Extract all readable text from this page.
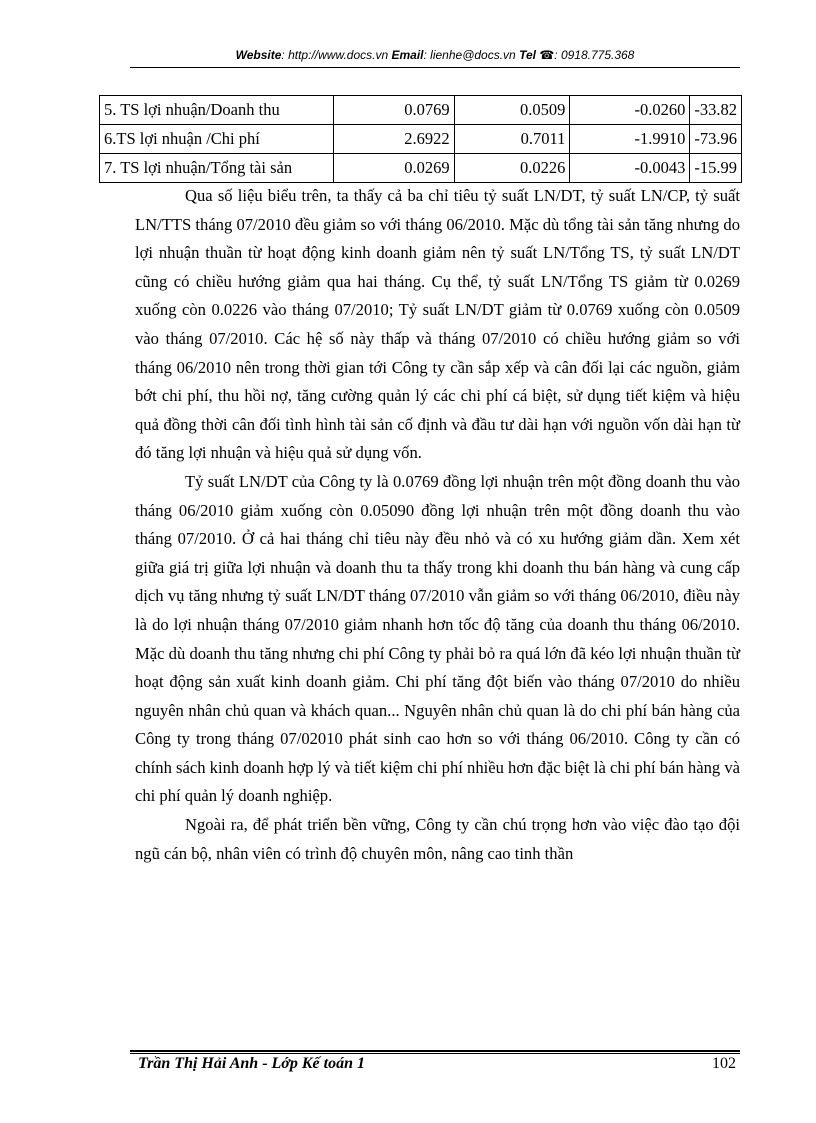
Website: http://www.docs.vn Email: lienhe@docs.vn Tel ☎: 0918.775.368
5. TS lợi nhuận/Doanh thu	0.0769	0.0509	-0.0260	-33.82
6.TS lợi nhuận /Chi phí	2.6922	0.7011	-1.9910	-73.96
7. TS lợi nhuận/Tổng tài sản	0.0269	0.0226	-0.0043	-15.99

Qua số liệu biểu trên, ta thấy cả ba chỉ tiêu tỷ suất LN/DT, tỷ suất LN/CP, tỷ suất LN/TTS tháng 07/2010 đều giảm so với tháng 06/2010. Mặc dù tổng tài sản tăng nhưng do lợi nhuận thuần từ hoạt động kinh doanh giảm nên tỷ suất LN/Tổng TS, tỷ suất LN/DT cũng có chiều hướng giảm qua hai tháng. Cụ thể, tỷ suất LN/Tổng TS giảm từ 0.0269 xuống còn 0.0226 vào tháng 07/2010; Tỷ suất LN/DT giảm từ 0.0769 xuống còn 0.0509 vào tháng 07/2010. Các hệ số này thấp và tháng 07/2010 có chiều hướng giảm so với tháng 06/2010 nên trong thời gian tới Công ty cần sắp xếp và cân đối lại các nguồn, giảm bớt chi phí, thu hồi nợ, tăng cường quản lý các chi phí cá biệt, sử dụng tiết kiệm và hiệu quả đồng thời cân đối tình hình tài sản cố định và đầu tư dài hạn với nguồn vốn dài hạn từ đó tăng lợi nhuận và hiệu quả sử dụng vốn.

Tỷ suất LN/DT của Công ty là 0.0769 đồng lợi nhuận trên một đồng doanh thu vào tháng 06/2010 giảm xuống còn 0.05090 đồng lợi nhuận trên một đồng doanh thu vào tháng 07/2010. Ở cả hai tháng chỉ tiêu này đều nhỏ và có xu hướng giảm dần. Xem xét giữa giá trị giữa lợi nhuận và doanh thu ta thấy trong khi doanh thu bán hàng và cung cấp dịch vụ tăng nhưng tỷ suất LN/DT tháng 07/2010 vẫn giảm so với tháng 06/2010, điều này là do lợi nhuận tháng 07/2010 giảm nhanh hơn tốc độ tăng của doanh thu tháng 06/2010. Mặc dù doanh thu tăng nhưng chi phí Công ty phải bỏ ra quá lớn đã kéo lợi nhuận thuần từ hoạt động sản xuất kinh doanh giảm. Chi phí tăng đột biến vào tháng 07/2010 do nhiều nguyên nhân chủ quan và khách quan... Nguyên nhân chủ quan là do chi phí bán hàng của Công ty trong tháng 07/02010 phát sinh cao hơn so với tháng 06/2010. Công ty cần có chính sách kinh doanh hợp lý và tiết kiệm chi phí nhiều hơn đặc biệt là chi phí bán hàng và chi phí quản lý doanh nghiệp.

Ngoài ra, để phát triển bền vững, Công ty cần chú trọng hơn vào việc đào tạo đội ngũ cán bộ, nhân viên có trình độ chuyên môn, nâng cao tinh thần

Trần Thị Hải Anh - Lớp Kế toán 1	102
